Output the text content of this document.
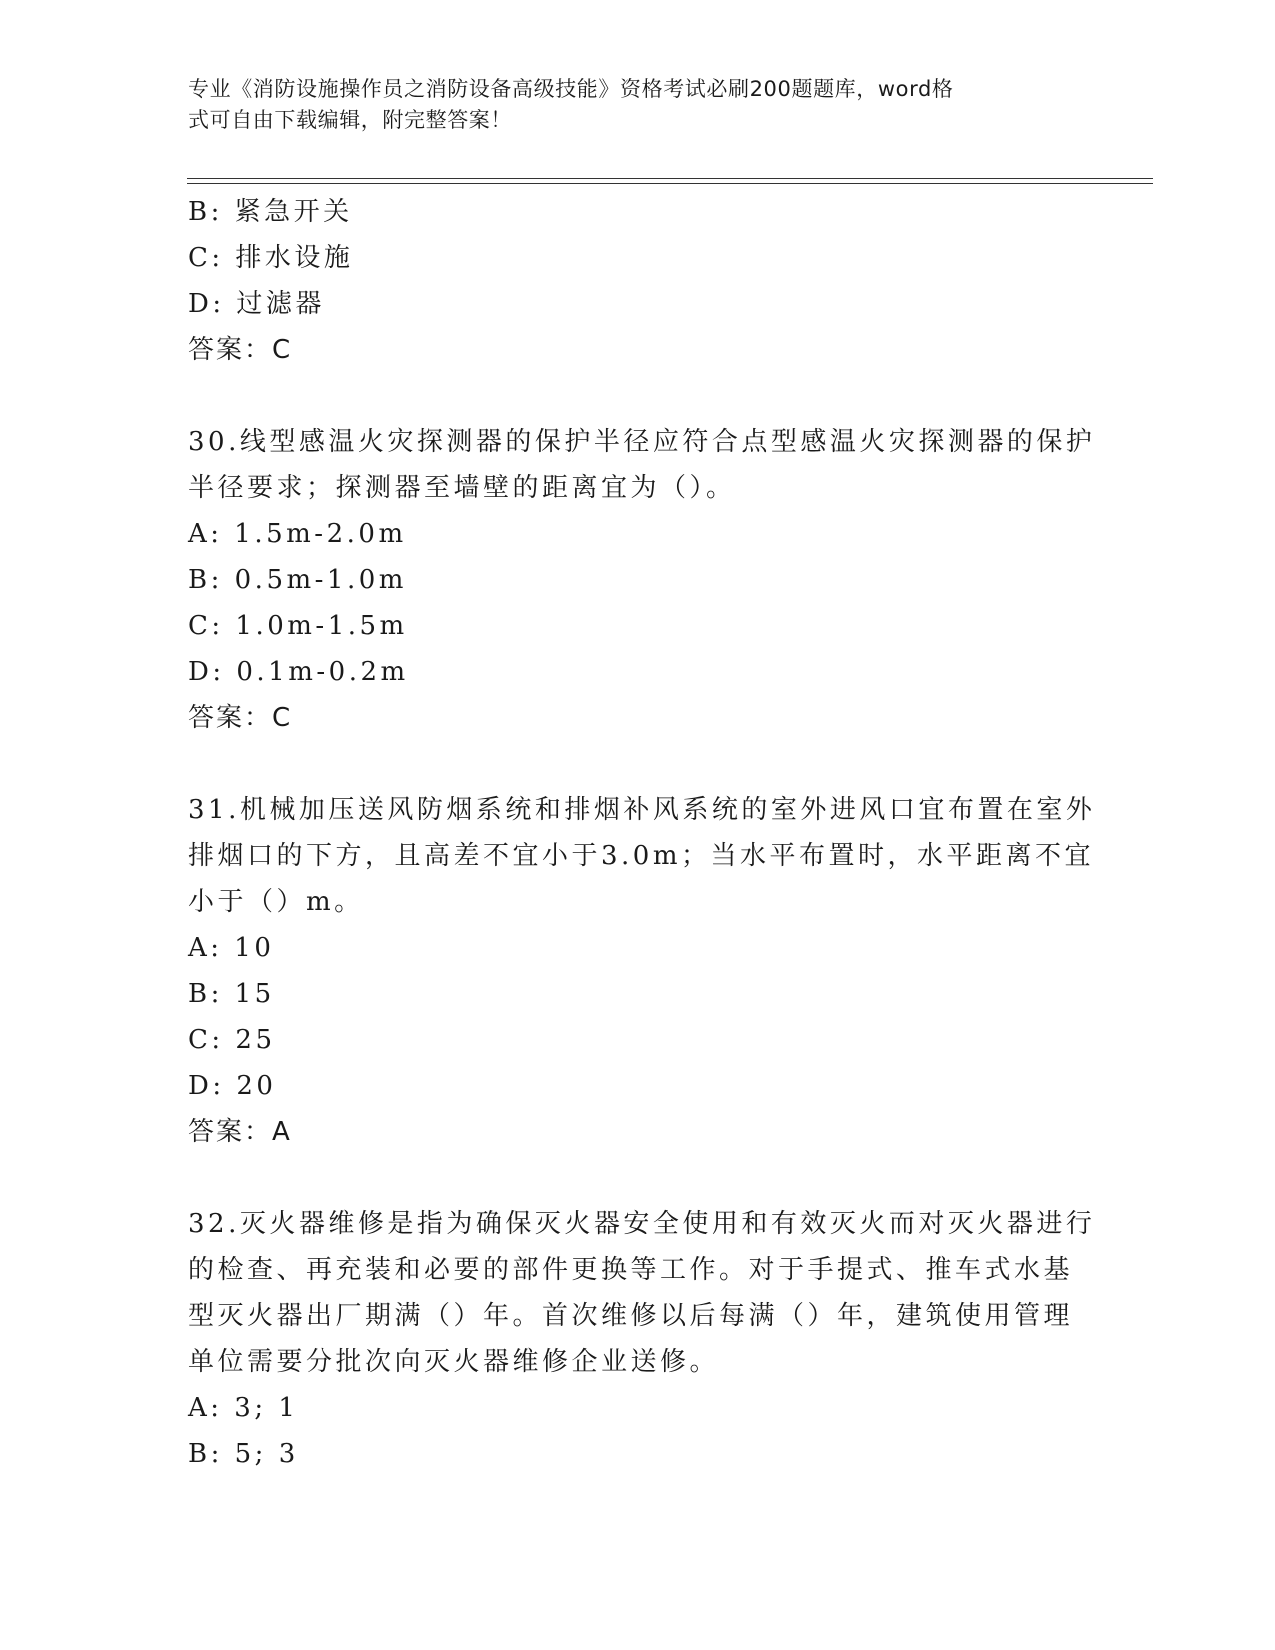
专业《消防设施操作员之消防设备高级技能》资格考试必刷200题题库，word格
式可自由下载编辑，附完整答案！
B: 紧急开关
C: 排水设施
D: 过滤器
答案：C
30.线型感温火灾探测器的保护半径应符合点型感温火灾探测器的保护
半径要求；探测器至墙壁的距离宜为（）。
A: 1.5m-2.0m
B: 0.5m-1.0m
C: 1.0m-1.5m
D: 0.1m-0.2m
答案：C
31.机械加压送风防烟系统和排烟补风系统的室外进风口宜布置在室外
排烟口的下方，且高差不宜小于3.0m；当水平布置时，水平距离不宜
小于（）m。
A: 10
B: 15
C: 25
D: 20
答案：A
32.灭火器维修是指为确保灭火器安全使用和有效灭火而对灭火器进行
的检查、再充装和必要的部件更换等工作。对于手提式、推车式水基
型灭火器出厂期满（）年。首次维修以后每满（）年，建筑使用管理
单位需要分批次向灭火器维修企业送修。
A: 3; 1
B: 5; 3
